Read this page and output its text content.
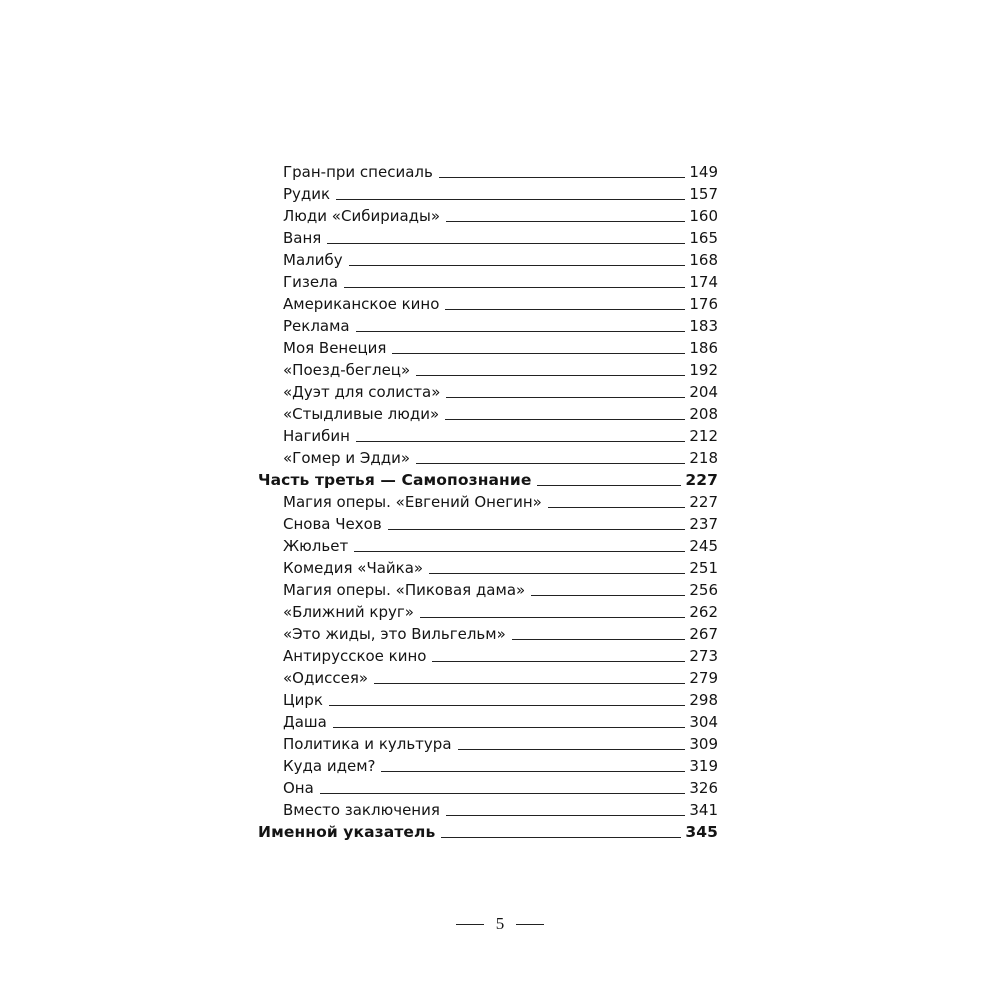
Гран-при спесиаль	149
Рудик	157
Люди «Сибириады»	160
Ваня	165
Малибу	168
Гизела	174
Американское кино	176
Реклама	183
Моя Венеция	186
«Поезд-беглец»	192
«Дуэт для солиста»	204
«Стыдливые люди»	208
Нагибин	212
«Гомер и Эдди»	218
Часть третья — Самопознание	227
Магия оперы. «Евгений Онегин»	227
Снова Чехов	237
Жюльет	245
Комедия «Чайка»	251
Магия оперы. «Пиковая дама»	256
«Ближний круг»	262
«Это жиды, это Вильгельм»	267
Антирусское кино	273
«Одиссея»	279
Цирк	298
Даша	304
Политика и культура	309
Куда идем?	319
Она	326
Вместо заключения	341
Именной указатель	345
5
